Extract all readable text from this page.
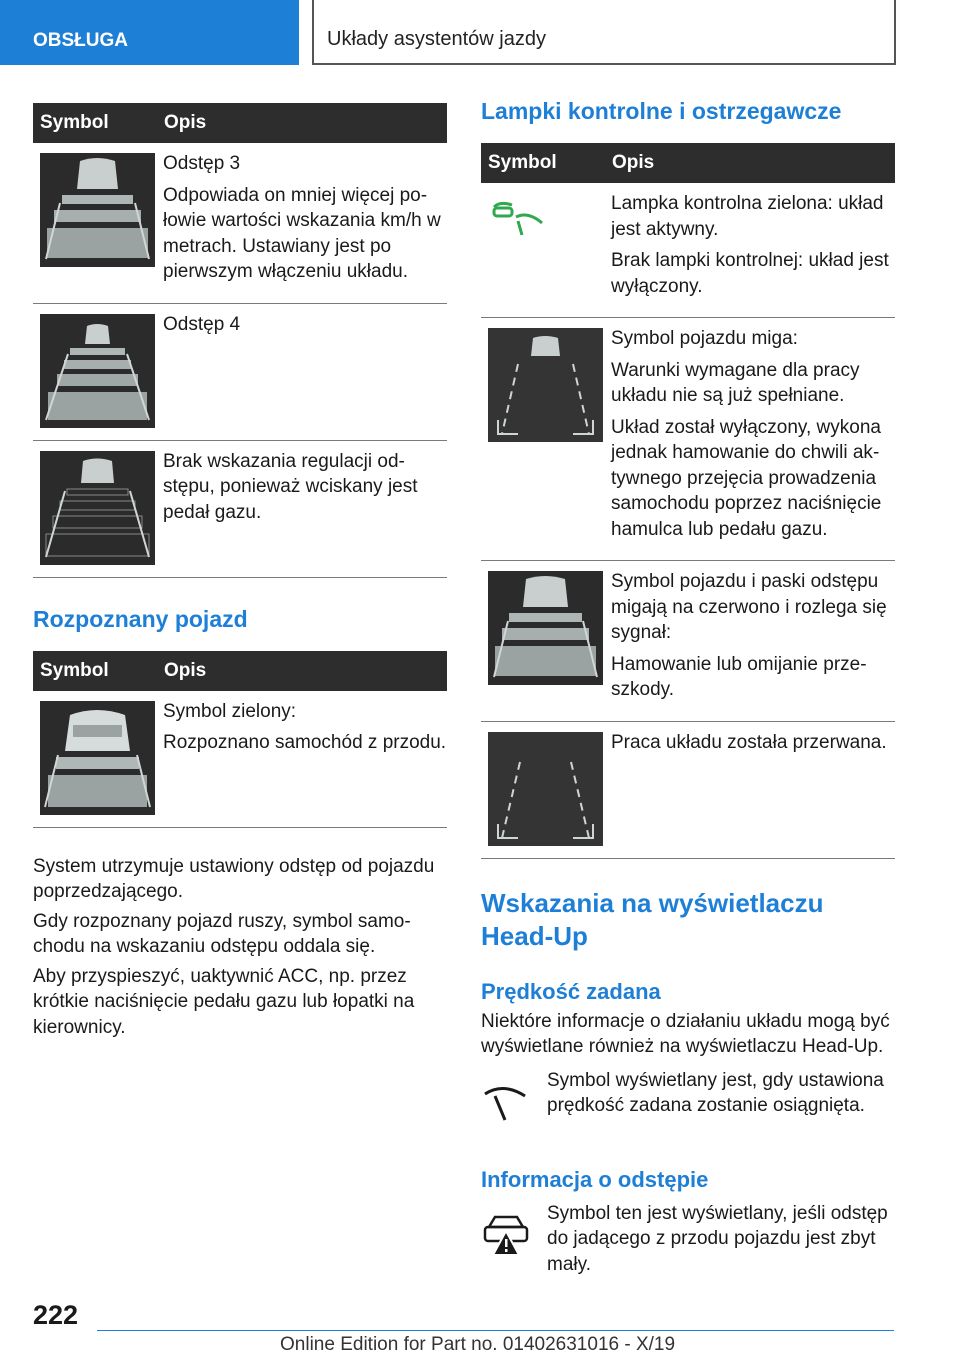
OBSŁUGA	Układy asystentów jazdy
Symbol	Opis

Odstęp 3

Odpowiada on mniej więcej połowie wartości wskazania km/h w metrach. Ustawiany jest po pierwszym włączeniu układu.

Odstęp 4

Brak wskazania regulacji odstępu, ponieważ wciskany jest pedał gazu.

Rozpoznany pojazd
Symbol	Opis

Symbol zielony:

Rozpoznano samochód z przodu.

System utrzymuje ustawiony odstęp od pojazdu poprzedzającego.

Gdy rozpoznany pojazd ruszy, symbol samochodu na wskazaniu odstępu oddala się.

Aby przyspieszyć, uaktywnić ACC, np. przez krótkie naciśnięcie pedału gazu lub łopatki na kierownicy.

Lampki kontrolne i ostrzegawcze
Symbol	Opis

Lampka kontrolna zielona: układ jest aktywny.

Brak lampki kontrolnej: układ jest wyłączony.

Symbol pojazdu miga:

Warunki wymagane dla pracy układu nie są już spełniane.

Układ został wyłączony, wykona jednak hamowanie do chwili aktywnego przejęcia prowadzenia samochodu poprzez naciśnięcie hamulca lub pedału gazu.

Symbol pojazdu i paski odstępu migają na czerwono i rozlega się sygnał:

Hamowanie lub omijanie przeszkody.

Praca układu została przerwana.

Wskazania na wyświetlaczu Head-Up
Prędkość zadana

Niektóre informacje o działaniu układu mogą być wyświetlane również na wyświetlaczu Head-Up.

Symbol wyświetlany jest, gdy ustawiona prędkość zadana zostanie osiągnięta.
Informacja o odstępie
Symbol ten jest wyświetlany, jeśli odstęp do jadącego z przodu pojazdu jest zbyt mały.
222
Online Edition for Part no. 01402631016 - X/19
